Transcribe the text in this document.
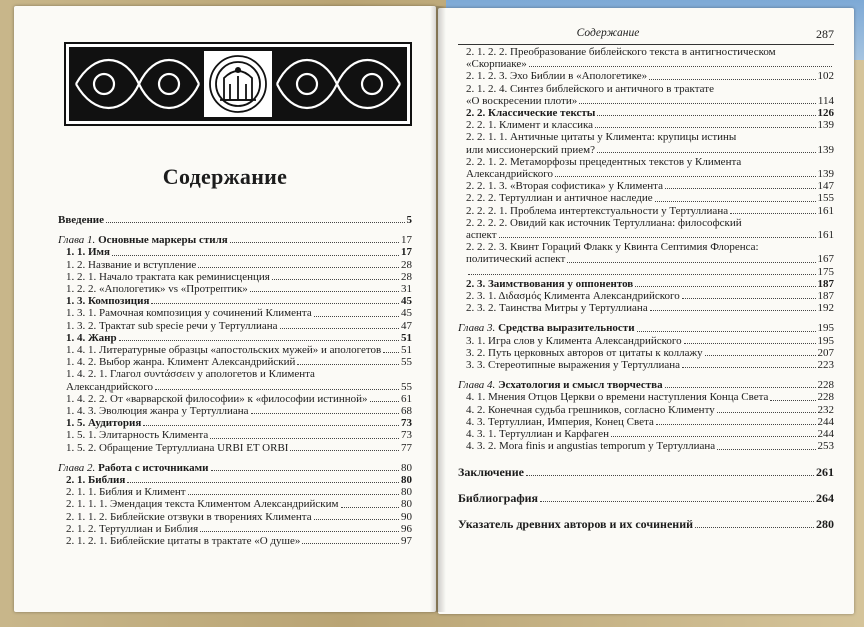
Содержание
Введение	5
Глава 1. Основные маркеры стиля	17
1. 1. Имя	17
1. 2. Название и вступление	28
1. 2. 1. Начало трактата как реминисценция	28
1. 2. 2. «Апологетик» vs «Протрептик»	31
1. 3. Композиция	45
1. 3. 1. Рамочная композиция у сочинений Климента	45
1. 3. 2. Трактат sub specie речи у Тертуллиана	47
1. 4. Жанр	51
1. 4. 1. Литературные образцы «апостольских мужей» и апологетов 51
1. 4. 2. Выбор жанра. Климент Александрийский	55
1. 4. 2. 1. Глагол συντάσσειν у апологетов и Климента
Александрийского	55
1. 4. 2. 2. От «варварской философии» к «философии истинной»	61
1. 4. 3. Эволюция жанра у Тертуллиана	68
1. 5. Аудитория	73
1. 5. 1. Элитарность Климента	73
1. 5. 2. Обращение Тертуллиана URBI ET ORBI	77
Глава 2. Работа с источниками	80
2. 1. Библия	80
2. 1. 1. Библия и Климент	80
2. 1. 1. 1. Эмендация текста Климентом Александрийским	80
2. 1. 1. 2. Библейские отзвуки в творениях Климента	90
2. 1. 2. Тертуллиан и Библия	96
2. 1. 2. 1. Библейские цитаты в трактате «О душе»	97
Содержание	287
2. 1. 2. 2. Преобразование библейского текста в антигностическом
«Скорпиаке»
2. 1. 2. 3. Эхо Библии в «Апологетике»	102
2. 1. 2. 4. Синтез библейского и античного в трактате
«О воскресении плоти»	114
2. 2. Классические тексты	126
2. 2. 1. Климент и классика	139
2. 2. 1. 1. Античные цитаты у Климента: крупицы истины
или миссионерский прием?	139
2. 2. 1. 2. Метаморфозы прецедентных текстов у Климента
Александрийского	139
2. 2. 1. 3. «Вторая софистика» у Климента	147
2. 2. 2. Тертуллиан и античное наследие	155
2. 2. 2. 1. Проблема интертекстуальности у Тертуллиана	161
2. 2. 2. 2. Овидий как источник Тертуллиана: философский
аспект	161
2. 2. 2. 3. Квинт Гораций Флакк у Квинта Септимия Флоренса:
политический аспект	167
175
2. 3. Заимствования у оппонентов	187
2. 3. 1. Διδασμός Климента Александрийского	187
2. 3. 2. Таинства Митры у Тертуллиана	192
Глава 3. Средства выразительности	195
3. 1. Игра слов у Климента Александрийского	195
3. 2. Путь церковных авторов от цитаты к коллажу	207
3. 3. Стереотипные выражения у Тертуллиана	223
Глава 4. Эсхатология и смысл творчества	228
4. 1. Мнения Отцов Церкви о времени наступления Конца Света	228
4. 2. Конечная судьба грешников, согласно Клименту	232
4. 3. Тертуллиан, Империя, Конец Света	244
4. 3. 1. Тертуллиан и Карфаген	244
4. 3. 2. Mora finis и angustias temporum у Тертуллиана	253
Заключение	261
Библиография	264
Указатель древних авторов и их сочинений	280
